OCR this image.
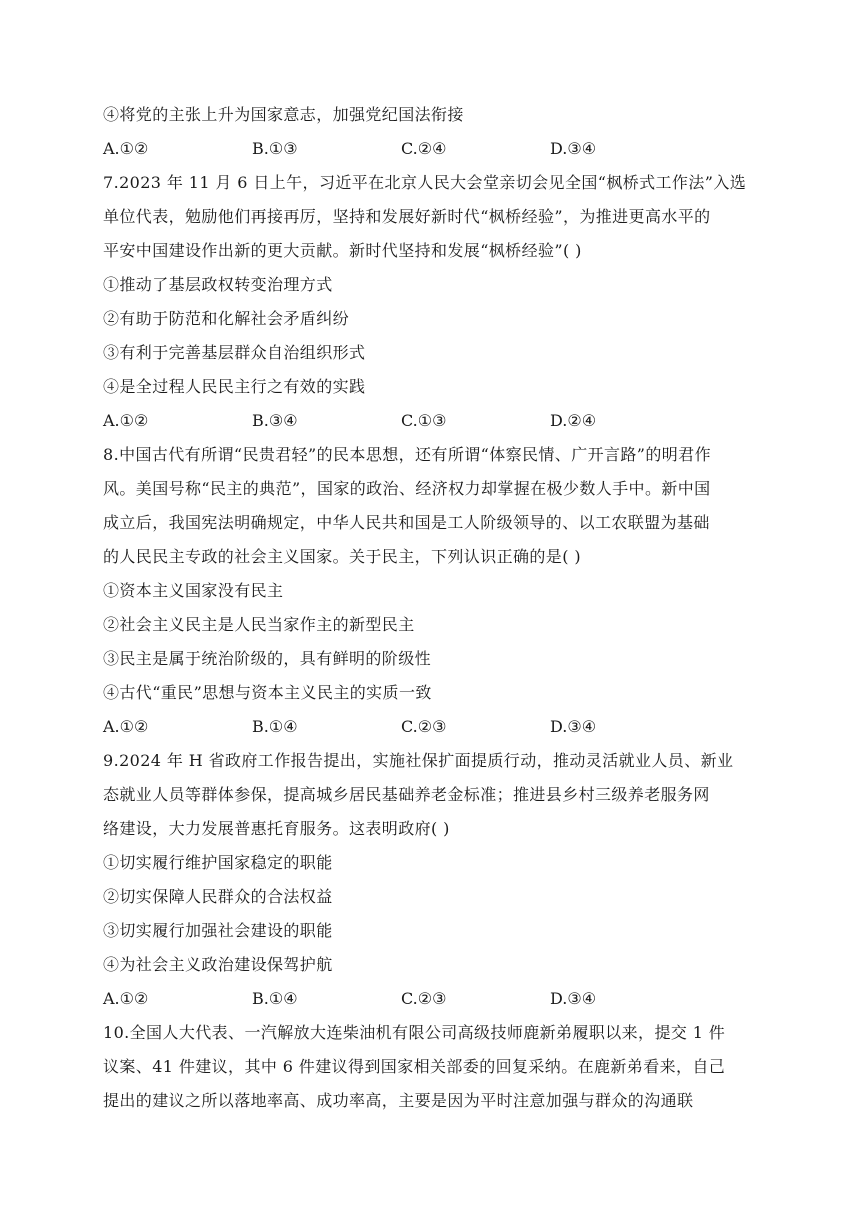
④将党的主张上升为国家意志，加强党纪国法衔接
A.①②	B.①③	C.②④	D.③④
7.2023 年 11 月 6 日上午，习近平在北京人民大会堂亲切会见全国“枫桥式工作法”入选
单位代表，勉励他们再接再厉，坚持和发展好新时代“枫桥经验”，为推进更高水平的
平安中国建设作出新的更大贡献。新时代坚持和发展“枫桥经验”( )
①推动了基层政权转变治理方式
②有助于防范和化解社会矛盾纠纷
③有利于完善基层群众自治组织形式
④是全过程人民民主行之有效的实践
A.①②	B.③④	C.①③	D.②④
8.中国古代有所谓“民贵君轻”的民本思想，还有所谓“体察民情、广开言路”的明君作
风。美国号称“民主的典范”，国家的政治、经济权力却掌握在极少数人手中。新中国
成立后，我国宪法明确规定，中华人民共和国是工人阶级领导的、以工农联盟为基础
的人民民主专政的社会主义国家。关于民主，下列认识正确的是( )
①资本主义国家没有民主
②社会主义民主是人民当家作主的新型民主
③民主是属于统治阶级的，具有鲜明的阶级性
④古代“重民”思想与资本主义民主的实质一致
A.①②	B.①④	C.②③	D.③④
9.2024 年 H 省政府工作报告提出，实施社保扩面提质行动，推动灵活就业人员、新业
态就业人员等群体参保，提高城乡居民基础养老金标准；推进县乡村三级养老服务网
络建设，大力发展普惠托育服务。这表明政府( )
①切实履行维护国家稳定的职能
②切实保障人民群众的合法权益
③切实履行加强社会建设的职能
④为社会主义政治建设保驾护航
A.①②	B.①④	C.②③	D.③④
10.全国人大代表、一汽解放大连柴油机有限公司高级技师鹿新弟履职以来，提交 1 件
议案、41 件建议，其中 6 件建议得到国家相关部委的回复采纳。在鹿新弟看来，自己
提出的建议之所以落地率高、成功率高，主要是因为平时注意加强与群众的沟通联
